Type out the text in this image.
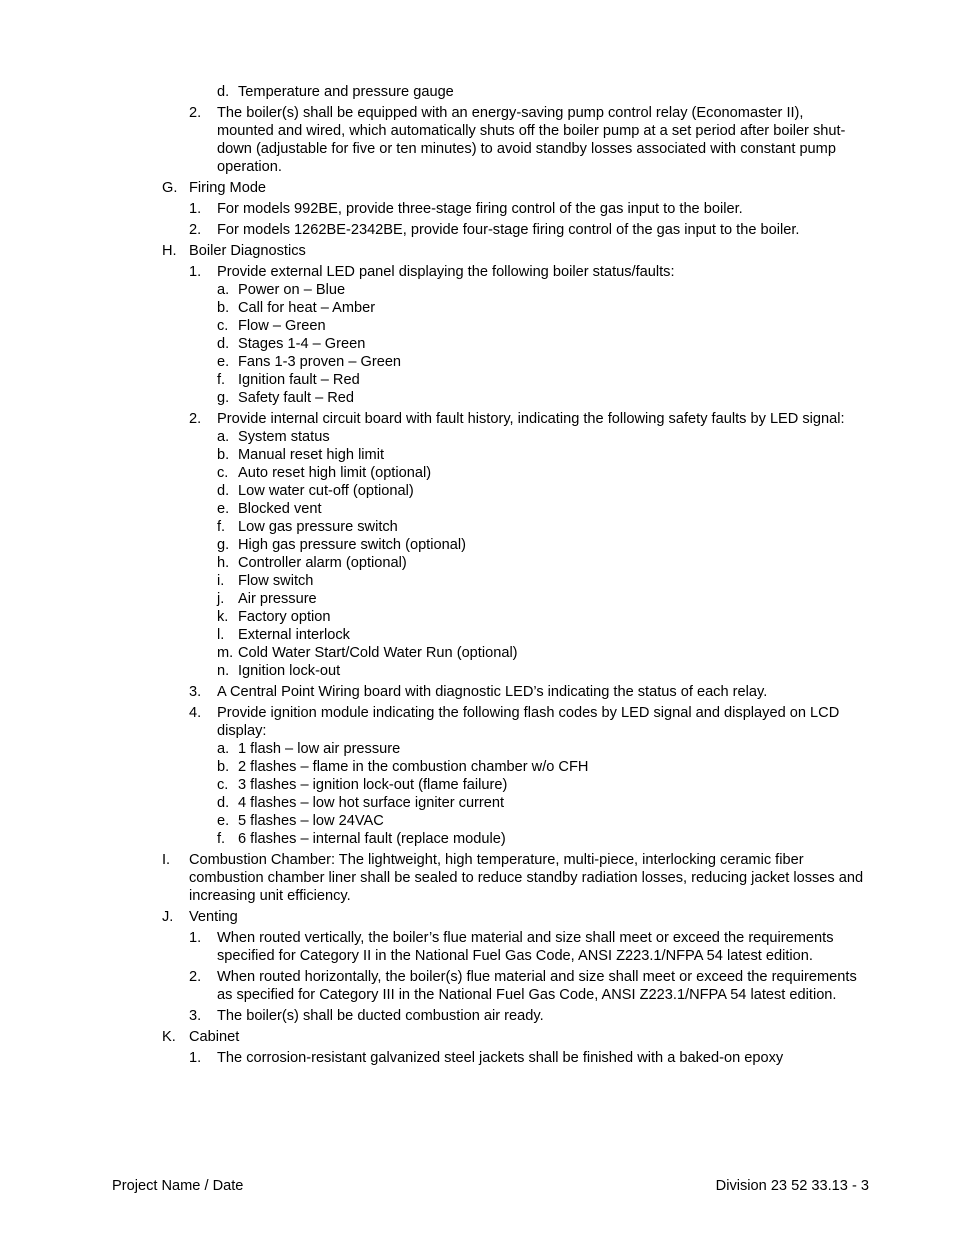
d. Temperature and pressure gauge
2. The boiler(s) shall be equipped with an energy-saving pump control relay (Economaster II), mounted and wired, which automatically shuts off the boiler pump at a set period after boiler shut-down (adjustable for five or ten minutes) to avoid standby losses associated with constant pump operation.
G. Firing Mode
1. For models 992BE, provide three-stage firing control of the gas input to the boiler.
2. For models 1262BE-2342BE, provide four-stage firing control of the gas input to the boiler.
H. Boiler Diagnostics
1. Provide external LED panel displaying the following boiler status/faults:
a. Power on – Blue
b. Call for heat – Amber
c. Flow – Green
d. Stages 1-4 – Green
e. Fans 1-3 proven – Green
f. Ignition fault – Red
g. Safety fault – Red
2. Provide internal circuit board with fault history, indicating the following safety faults by LED signal:
a. System status
b. Manual reset high limit
c. Auto reset high limit (optional)
d. Low water cut-off (optional)
e. Blocked vent
f. Low gas pressure switch
g. High gas pressure switch (optional)
h. Controller alarm (optional)
i. Flow switch
j. Air pressure
k. Factory option
l. External interlock
m. Cold Water Start/Cold Water Run (optional)
n. Ignition lock-out
3. A Central Point Wiring board with diagnostic LED’s indicating the status of each relay.
4. Provide ignition module indicating the following flash codes by LED signal and displayed on LCD display:
a. 1 flash – low air pressure
b. 2 flashes – flame in the combustion chamber w/o CFH
c. 3 flashes – ignition lock-out (flame failure)
d. 4 flashes – low hot surface igniter current
e. 5 flashes – low 24VAC
f. 6 flashes – internal fault (replace module)
I. Combustion Chamber: The lightweight, high temperature, multi-piece, interlocking ceramic fiber combustion chamber liner shall be sealed to reduce standby radiation losses, reducing jacket losses and increasing unit efficiency.
J. Venting
1. When routed vertically, the boiler’s flue material and size shall meet or exceed the requirements specified for Category II in the National Fuel Gas Code, ANSI Z223.1/NFPA 54 latest edition.
2. When routed horizontally, the boiler(s) flue material and size shall meet or exceed the requirements as specified for Category III in the National Fuel Gas Code, ANSI Z223.1/NFPA 54 latest edition.
3. The boiler(s) shall be ducted combustion air ready.
K. Cabinet
1. The corrosion-resistant galvanized steel jackets shall be finished with a baked-on epoxy
Project Name / Date	Division 23 52 33.13 - 3
